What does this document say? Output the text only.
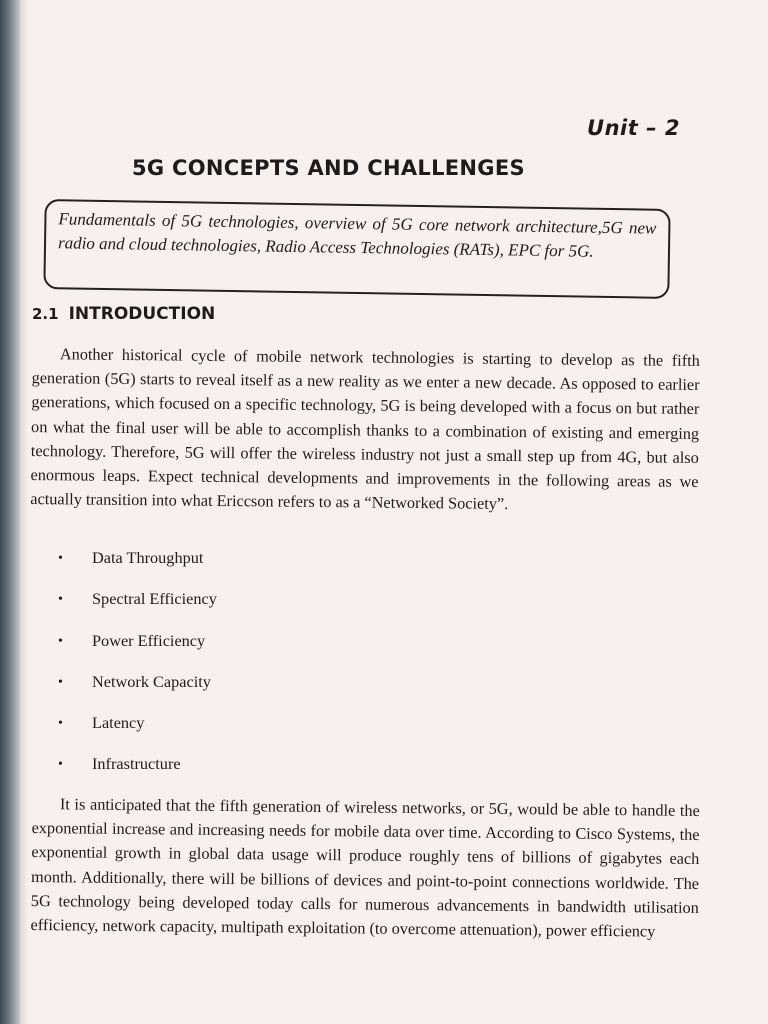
Unit – 2
5G CONCEPTS AND CHALLENGES
Fundamentals of 5G technologies, overview of 5G core network architecture,5G new radio and cloud technologies, Radio Access Technologies (RATs), EPC for 5G.
2.1 INTRODUCTION
Another historical cycle of mobile network technologies is starting to develop as the fifth generation (5G) starts to reveal itself as a new reality as we enter a new decade. As opposed to earlier generations, which focused on a specific technology, 5G is being developed with a focus on but rather on what the final user will be able to accomplish thanks to a combination of existing and emerging technology. Therefore, 5G will offer the wireless industry not just a small step up from 4G, but also enormous leaps. Expect technical developments and improvements in the following areas as we actually transition into what Ericcson refers to as a “Networked Society”.
•	Data Throughput
•	Spectral Efficiency
•	Power Efficiency
•	Network Capacity
•	Latency
•	Infrastructure
It is anticipated that the fifth generation of wireless networks, or 5G, would be able to handle the exponential increase and increasing needs for mobile data over time. According to Cisco Systems, the exponential growth in global data usage will produce roughly tens of billions of gigabytes each month. Additionally, there will be billions of devices and point-to-point connections worldwide. The 5G technology being developed today calls for numerous advancements in bandwidth utilisation efficiency, network capacity, multipath exploitation (to overcome attenuation), power efficiency
